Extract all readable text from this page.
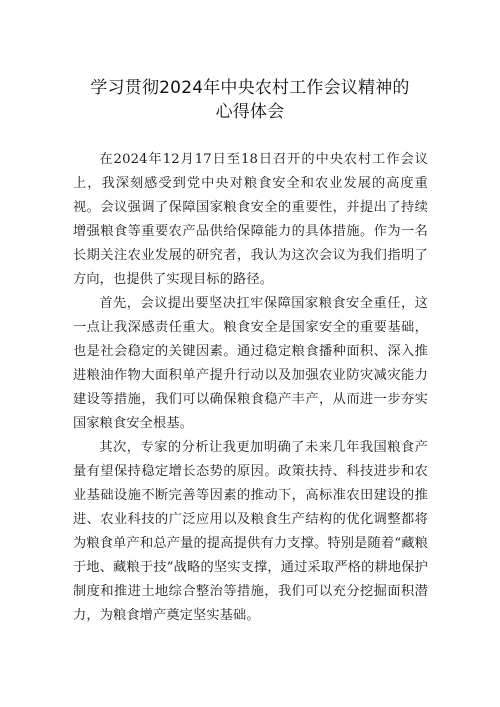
学习贯彻2024年中央农村工作会议精神的
心得体会

在2024年12月17日至18日召开的中央农村工作会议上，我深刻感受到党中央对粮食安全和农业发展的高度重视。会议强调了保障国家粮食安全的重要性，并提出了持续增强粮食等重要农产品供给保障能力的具体措施。作为一名长期关注农业发展的研究者，我认为这次会议为我们指明了方向，也提供了实现目标的路径。

首先，会议提出要坚决扛牢保障国家粮食安全重任，这一点让我深感责任重大。粮食安全是国家安全的重要基础，也是社会稳定的关键因素。通过稳定粮食播种面积、深入推进粮油作物大面积单产提升行动以及加强农业防灾减灾能力建设等措施，我们可以确保粮食稳产丰产，从而进一步夯实国家粮食安全根基。

其次，专家的分析让我更加明确了未来几年我国粮食产量有望保持稳定增长态势的原因。政策扶持、科技进步和农业基础设施不断完善等因素的推动下，高标准农田建设的推进、农业科技的广泛应用以及粮食生产结构的优化调整都将为粮食单产和总产量的提高提供有力支撑。特别是随着“藏粮于地、藏粮于技”战略的坚实支撑，通过采取严格的耕地保护制度和推进土地综合整治等措施，我们可以充分挖掘面积潜力，为粮食增产奠定坚实基础。
